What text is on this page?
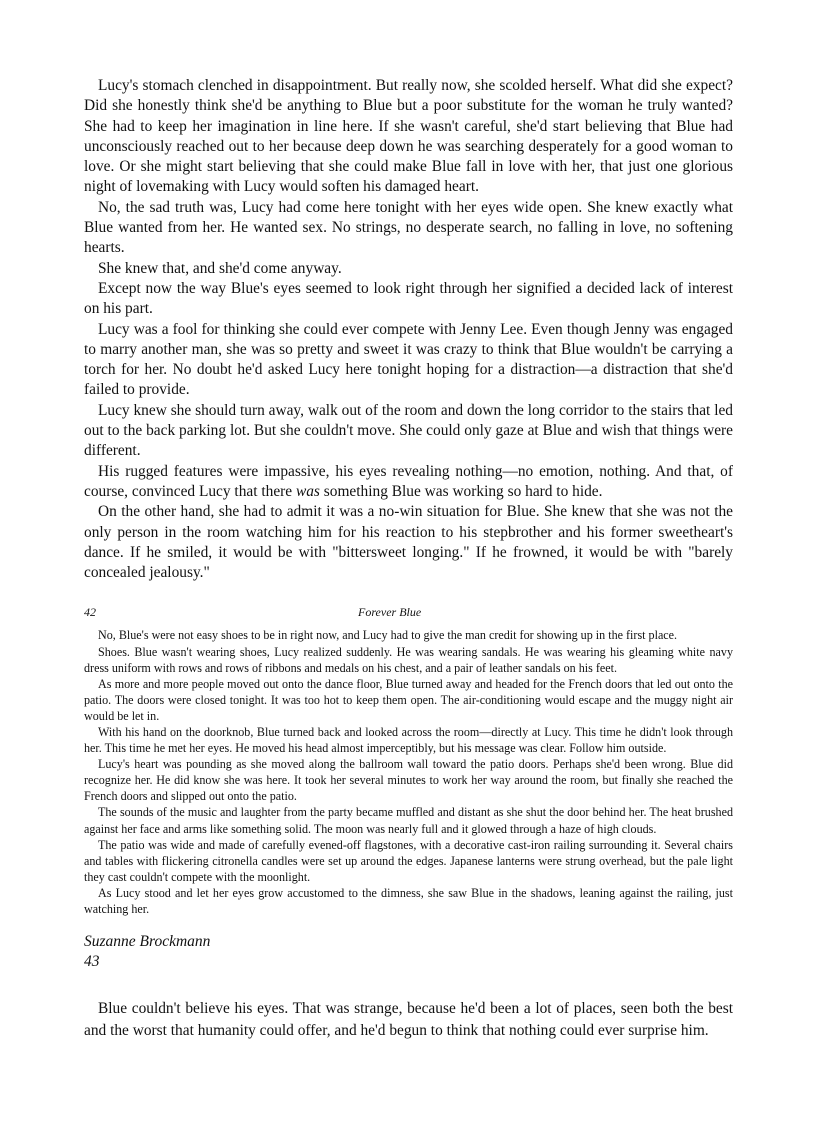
Lucy's stomach clenched in disappointment. But really now, she scolded herself. What did she expect? Did she honestly think she'd be anything to Blue but a poor substitute for the woman he truly wanted? She had to keep her imagination in line here. If she wasn't careful, she'd start believing that Blue had unconsciously reached out to her because deep down he was searching desperately for a good woman to love. Or she might start believing that she could make Blue fall in love with her, that just one glorious night of lovemaking with Lucy would soften his damaged heart.

No, the sad truth was, Lucy had come here tonight with her eyes wide open. She knew exactly what Blue wanted from her. He wanted sex. No strings, no desperate search, no falling in love, no softening hearts.

She knew that, and she'd come anyway.

Except now the way Blue's eyes seemed to look right through her signified a decided lack of interest on his part.

Lucy was a fool for thinking she could ever compete with Jenny Lee. Even though Jenny was engaged to marry another man, she was so pretty and sweet it was crazy to think that Blue wouldn't be carrying a torch for her. No doubt he'd asked Lucy here tonight hoping for a distraction—a distraction that she'd failed to provide.

Lucy knew she should turn away, walk out of the room and down the long corridor to the stairs that led out to the back parking lot. But she couldn't move. She could only gaze at Blue and wish that things were different.

His rugged features were impassive, his eyes revealing nothing—no emotion, nothing. And that, of course, convinced Lucy that there was something Blue was working so hard to hide.

On the other hand, she had to admit it was a no-win situation for Blue. She knew that she was not the only person in the room watching him for his reaction to his stepbrother and his former sweetheart's dance. If he smiled, it would be with "bittersweet longing." If he frowned, it would be with "barely concealed jealousy."

42	Forever Blue

No, Blue's were not easy shoes to be in right now, and Lucy had to give the man credit for showing up in the first place.

Shoes. Blue wasn't wearing shoes, Lucy realized suddenly. He was wearing sandals. He was wearing his gleaming white navy dress uniform with rows and rows of ribbons and medals on his chest, and a pair of leather sandals on his feet.

As more and more people moved out onto the dance floor, Blue turned away and headed for the French doors that led out onto the patio. The doors were closed tonight. It was too hot to keep them open. The air-conditioning would escape and the muggy night air would be let in.

With his hand on the doorknob, Blue turned back and looked across the room—directly at Lucy. This time he didn't look through her. This time he met her eyes. He moved his head almost imperceptibly, but his message was clear. Follow him outside.

Lucy's heart was pounding as she moved along the ballroom wall toward the patio doors. Perhaps she'd been wrong. Blue did recognize her. He did know she was here. It took her several minutes to work her way around the room, but finally she reached the French doors and slipped out onto the patio.

The sounds of the music and laughter from the party became muffled and distant as she shut the door behind her. The heat brushed against her face and arms like something solid. The moon was nearly full and it glowed through a haze of high clouds.

The patio was wide and made of carefully evened-off flagstones, with a decorative cast-iron railing surrounding it. Several chairs and tables with flickering citronella candles were set up around the edges. Japanese lanterns were strung overhead, but the pale light they cast couldn't compete with the moonlight.

As Lucy stood and let her eyes grow accustomed to the dimness, she saw Blue in the shadows, leaning against the railing, just watching her.

Suzanne Brockmann
43

Blue couldn't believe his eyes. That was strange, because he'd been a lot of places, seen both the best and the worst that humanity could offer, and he'd begun to think that nothing could ever surprise him.
